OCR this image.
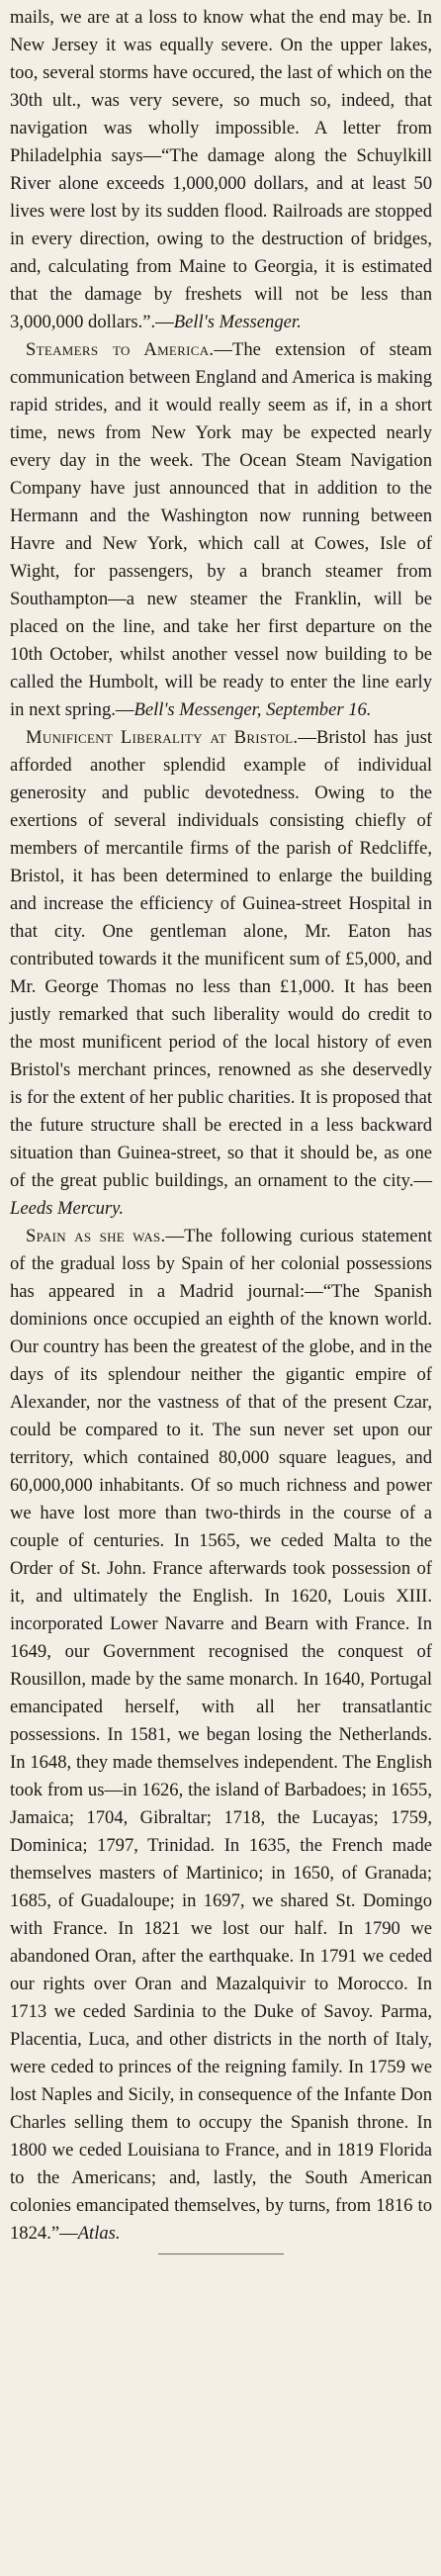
mails, we are at a loss to know what the end may be. In New Jersey it was equally severe. On the upper lakes, too, several storms have occured, the last of which on the 30th ult., was very severe, so much so, indeed, that navigation was wholly impossible. A letter from Philadelphia says—“The damage along the Schuylkill River alone exceeds 1,000,000 dollars, and at least 50 lives were lost by its sudden flood. Railroads are stopped in every direction, owing to the destruction of bridges, and, calculating from Maine to Georgia, it is estimated that the damage by freshets will not be less than 3,000,000 dollars.”.—Bell's Messenger.

Steamers to America.—The extension of steam communication between England and America is making rapid strides, and it would really seem as if, in a short time, news from New York may be expected nearly every day in the week. The Ocean Steam Navigation Company have just announced that in addition to the Hermann and the Washington now running between Havre and New York, which call at Cowes, Isle of Wight, for passengers, by a branch steamer from Southampton—a new steamer the Franklin, will be placed on the line, and take her first departure on the 10th October, whilst another vessel now building to be called the Humbolt, will be ready to enter the line early in next spring.—Bell's Messenger, September 16.

Munificent Liberality at Bristol.—Bristol has just afforded another splendid example of individual generosity and public devotedness. Owing to the exertions of several individuals consisting chiefly of members of mercantile firms of the parish of Redcliffe, Bristol, it has been determined to enlarge the building and increase the efficiency of Guinea-street Hospital in that city. One gentleman alone, Mr. Eaton has contributed towards it the munificent sum of £5,000, and Mr. George Thomas no less than £1,000. It has been justly remarked that such liberality would do credit to the most munificent period of the local history of even Bristol's merchant princes, renowned as she deservedly is for the extent of her public charities. It is proposed that the future structure shall be erected in a less backward situation than Guinea-street, so that it should be, as one of the great public buildings, an ornament to the city.—Leeds Mercury.

Spain as she was.—The following curious statement of the gradual loss by Spain of her colonial possessions has appeared in a Madrid journal:—“The Spanish dominions once occupied an eighth of the known world. Our country has been the greatest of the globe, and in the days of its splendour neither the gigantic empire of Alexander, nor the vastness of that of the present Czar, could be compared to it. The sun never set upon our territory, which contained 80,000 square leagues, and 60,000,000 inhabitants. Of so much richness and power we have lost more than two-thirds in the course of a couple of centuries. In 1565, we ceded Malta to the Order of St. John. France afterwards took possession of it, and ultimately the English. In 1620, Louis XIII. incorporated Lower Navarre and Bearn with France. In 1649, our Government recognised the conquest of Rousillon, made by the same monarch. In 1640, Portugal emancipated herself, with all her transatlantic possessions. In 1581, we began losing the Netherlands. In 1648, they made themselves independent. The English took from us—in 1626, the island of Barbadoes; in 1655, Jamaica; 1704, Gibraltar; 1718, the Lucayas; 1759, Dominica; 1797, Trinidad. In 1635, the French made themselves masters of Martinico; in 1650, of Granada; 1685, of Guadaloupe; in 1697, we shared St. Domingo with France. In 1821 we lost our half. In 1790 we abandoned Oran, after the earthquake. In 1791 we ceded our rights over Oran and Mazalquivir to Morocco. In 1713 we ceded Sardinia to the Duke of Savoy. Parma, Placentia, Luca, and other districts in the north of Italy, were ceded to princes of the reigning family. In 1759 we lost Naples and Sicily, in consequence of the Infante Don Charles selling them to occupy the Spanish throne. In 1800 we ceded Louisiana to France, and in 1819 Florida to the Americans; and, lastly, the South American colonies emancipated themselves, by turns, from 1816 to 1824.”—Atlas.
